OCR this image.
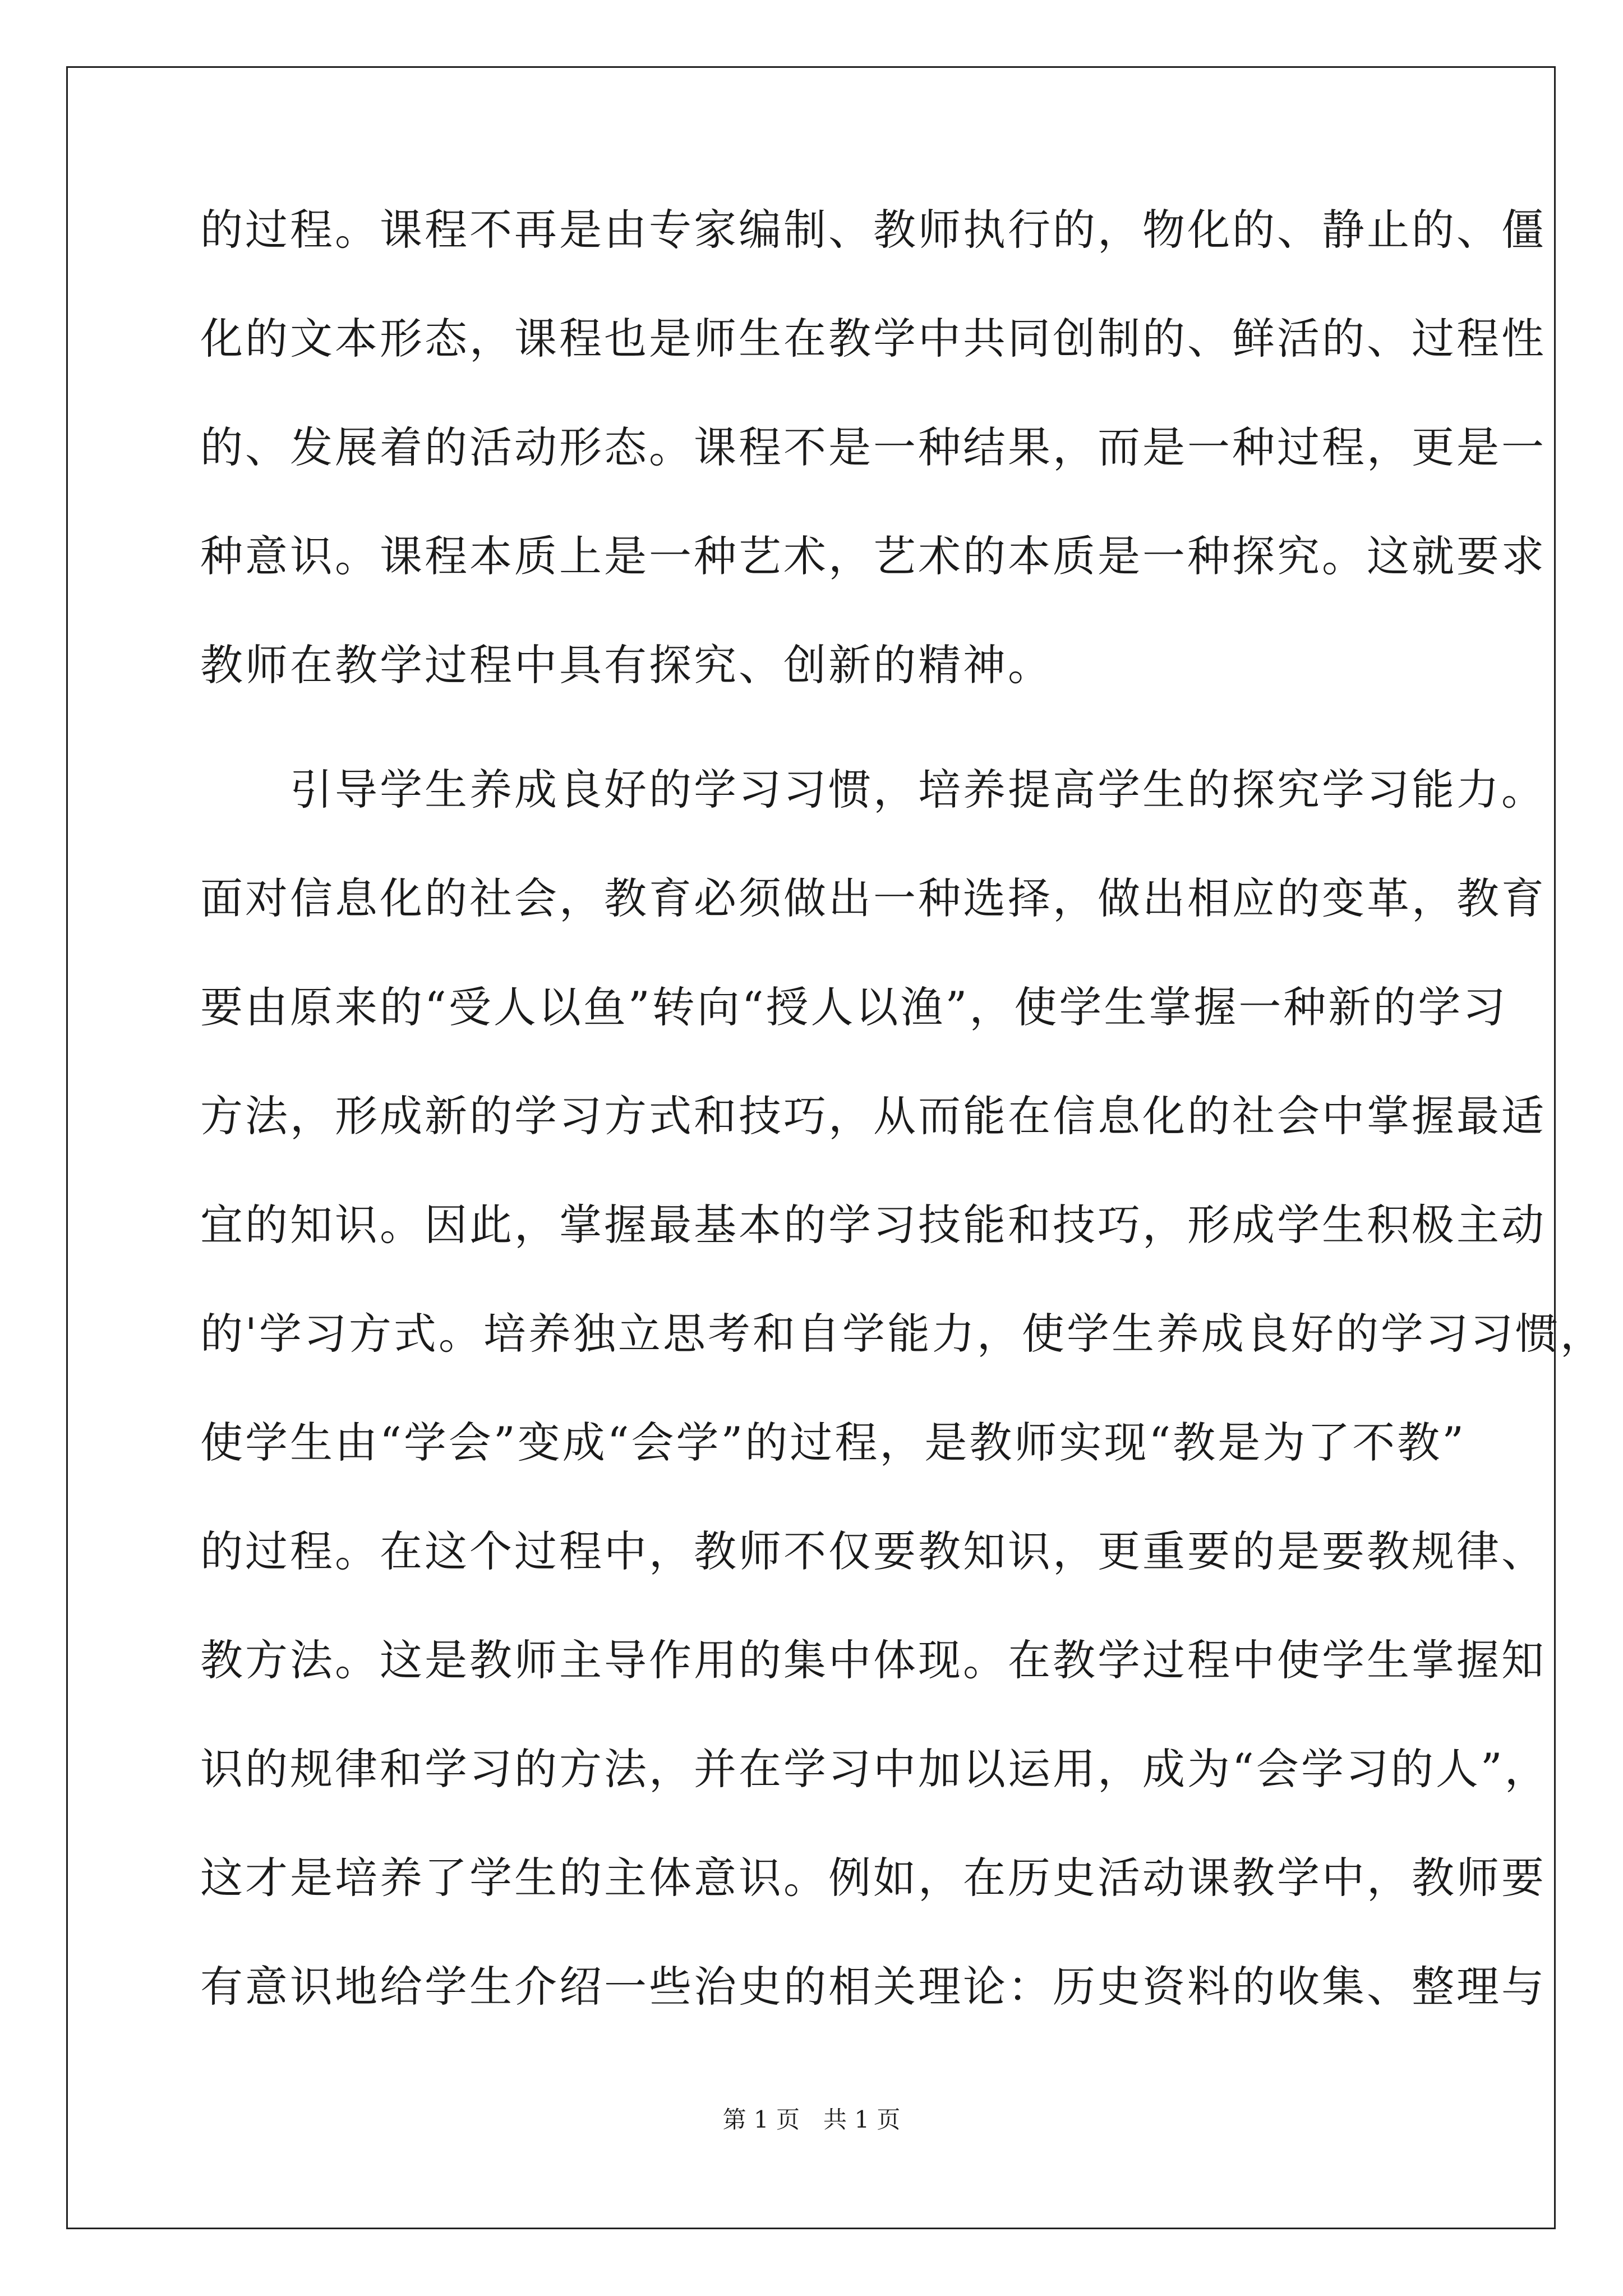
的过程。课程不再是由专家编制、教师执行的，物化的、静止的、僵
化的文本形态，课程也是师生在教学中共同创制的、鲜活的、过程性
的、发展着的活动形态。课程不是一种结果，而是一种过程，更是一
种意识。课程本质上是一种艺术，艺术的本质是一种探究。这就要求
教师在教学过程中具有探究、创新的精神。
　　引导学生养成良好的学习习惯，培养提高学生的探究学习能力。
面对信息化的社会，教育必须做出一种选择，做出相应的变革，教育
要由原来的“受人以鱼”转向“授人以渔”，使学生掌握一种新的学习
方法，形成新的学习方式和技巧，从而能在信息化的社会中掌握最适
宜的知识。因此，掌握最基本的学习技能和技巧，形成学生积极主动
的'学习方式。培养独立思考和自学能力，使学生养成良好的学习习惯，
使学生由“学会”变成“会学”的过程，是教师实现“教是为了不教”
的过程。在这个过程中，教师不仅要教知识，更重要的是要教规律、
教方法。这是教师主导作用的集中体现。在教学过程中使学生掌握知
识的规律和学习的方法，并在学习中加以运用，成为“会学习的人”，
这才是培养了学生的主体意识。例如，在历史活动课教学中，教师要
有意识地给学生介绍一些治史的相关理论：历史资料的收集、整理与
第 1 页　共 1 页
